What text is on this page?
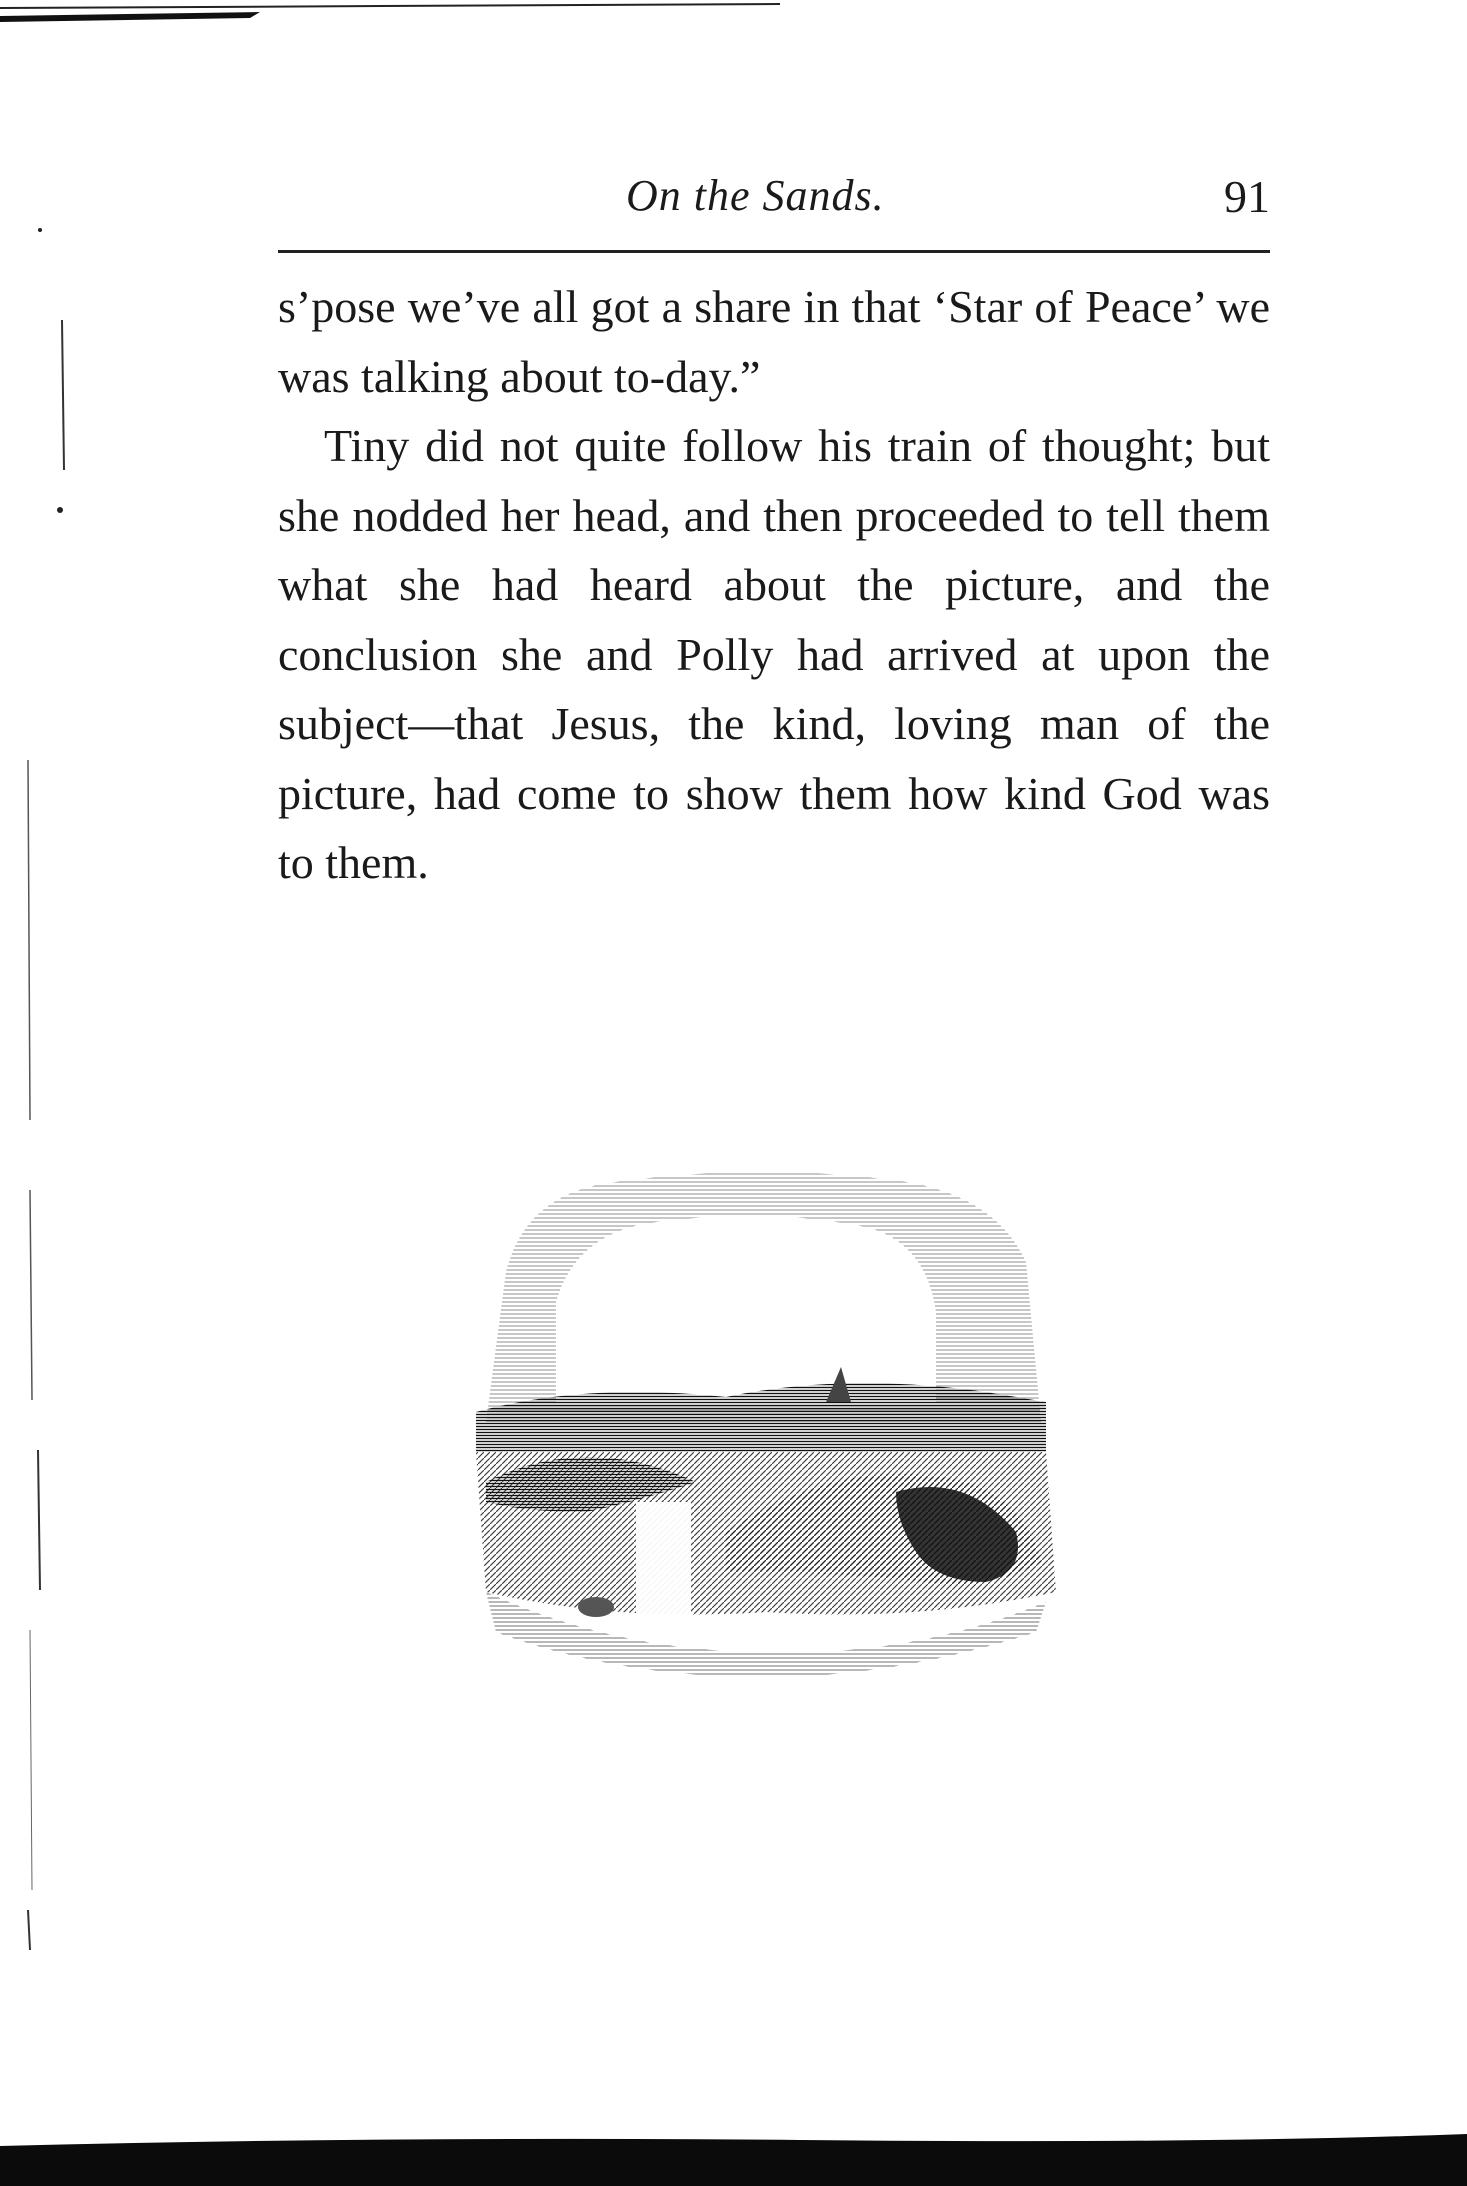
On the Sands.	91

s’pose we’ve all got a share in that ‘Star of Peace’ we was talking about to-day.”

Tiny did not quite follow his train of thought; but she nodded her head, and then proceeded to tell them what she had heard about the picture, and the conclusion she and Polly had arrived at upon the subject—that Jesus, the kind, loving man of the picture, had come to show them how kind God was to them.
